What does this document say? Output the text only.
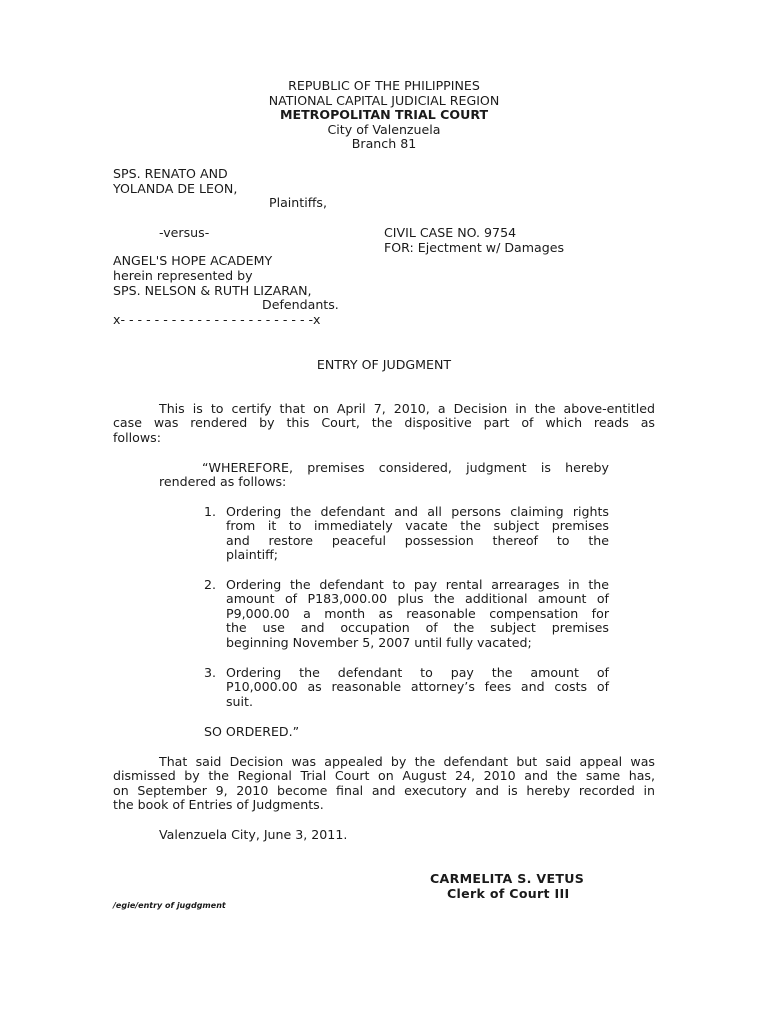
REPUBLIC OF THE PHILIPPINES
NATIONAL CAPITAL JUDICIAL REGION
METROPOLITAN TRIAL COURT
City of Valenzuela
Branch 81
SPS. RENATO AND
YOLANDA DE LEON,
Plaintiffs,
-versus-	CIVIL CASE NO. 9754
FOR: Ejectment w/ Damages
ANGEL'S HOPE ACADEMY
herein represented by
SPS. NELSON & RUTH LIZARAN,
Defendants.
x- - - - - - - - - - - - - - - - - - - - - - -x
ENTRY OF JUDGMENT
This is to certify that on April 7, 2010, a Decision in the above-entitled
case was rendered by this Court, the dispositive part of which reads as
follows:
“WHEREFORE, premises considered, judgment is hereby
rendered as follows:
1. Ordering the defendant and all persons claiming rights
from it to immediately vacate the subject premises
and restore peaceful possession thereof to the
plaintiff;
2. Ordering the defendant to pay rental arrearages in the
amount of P183,000.00 plus the additional amount of
P9,000.00 a month as reasonable compensation for
the use and occupation of the subject premises
beginning November 5, 2007 until fully vacated;
3. Ordering the defendant to pay the amount of
P10,000.00 as reasonable attorney’s fees and costs of
suit.
SO ORDERED.”
That said Decision was appealed by the defendant but said appeal was
dismissed by the Regional Trial Court on August 24, 2010 and the same has,
on September 9, 2010 become final and executory and is hereby recorded in
the book of Entries of Judgments.
Valenzuela City, June 3, 2011.
CARMELITA S. VETUS
Clerk of Court III
/egie/entry of jugdgment
